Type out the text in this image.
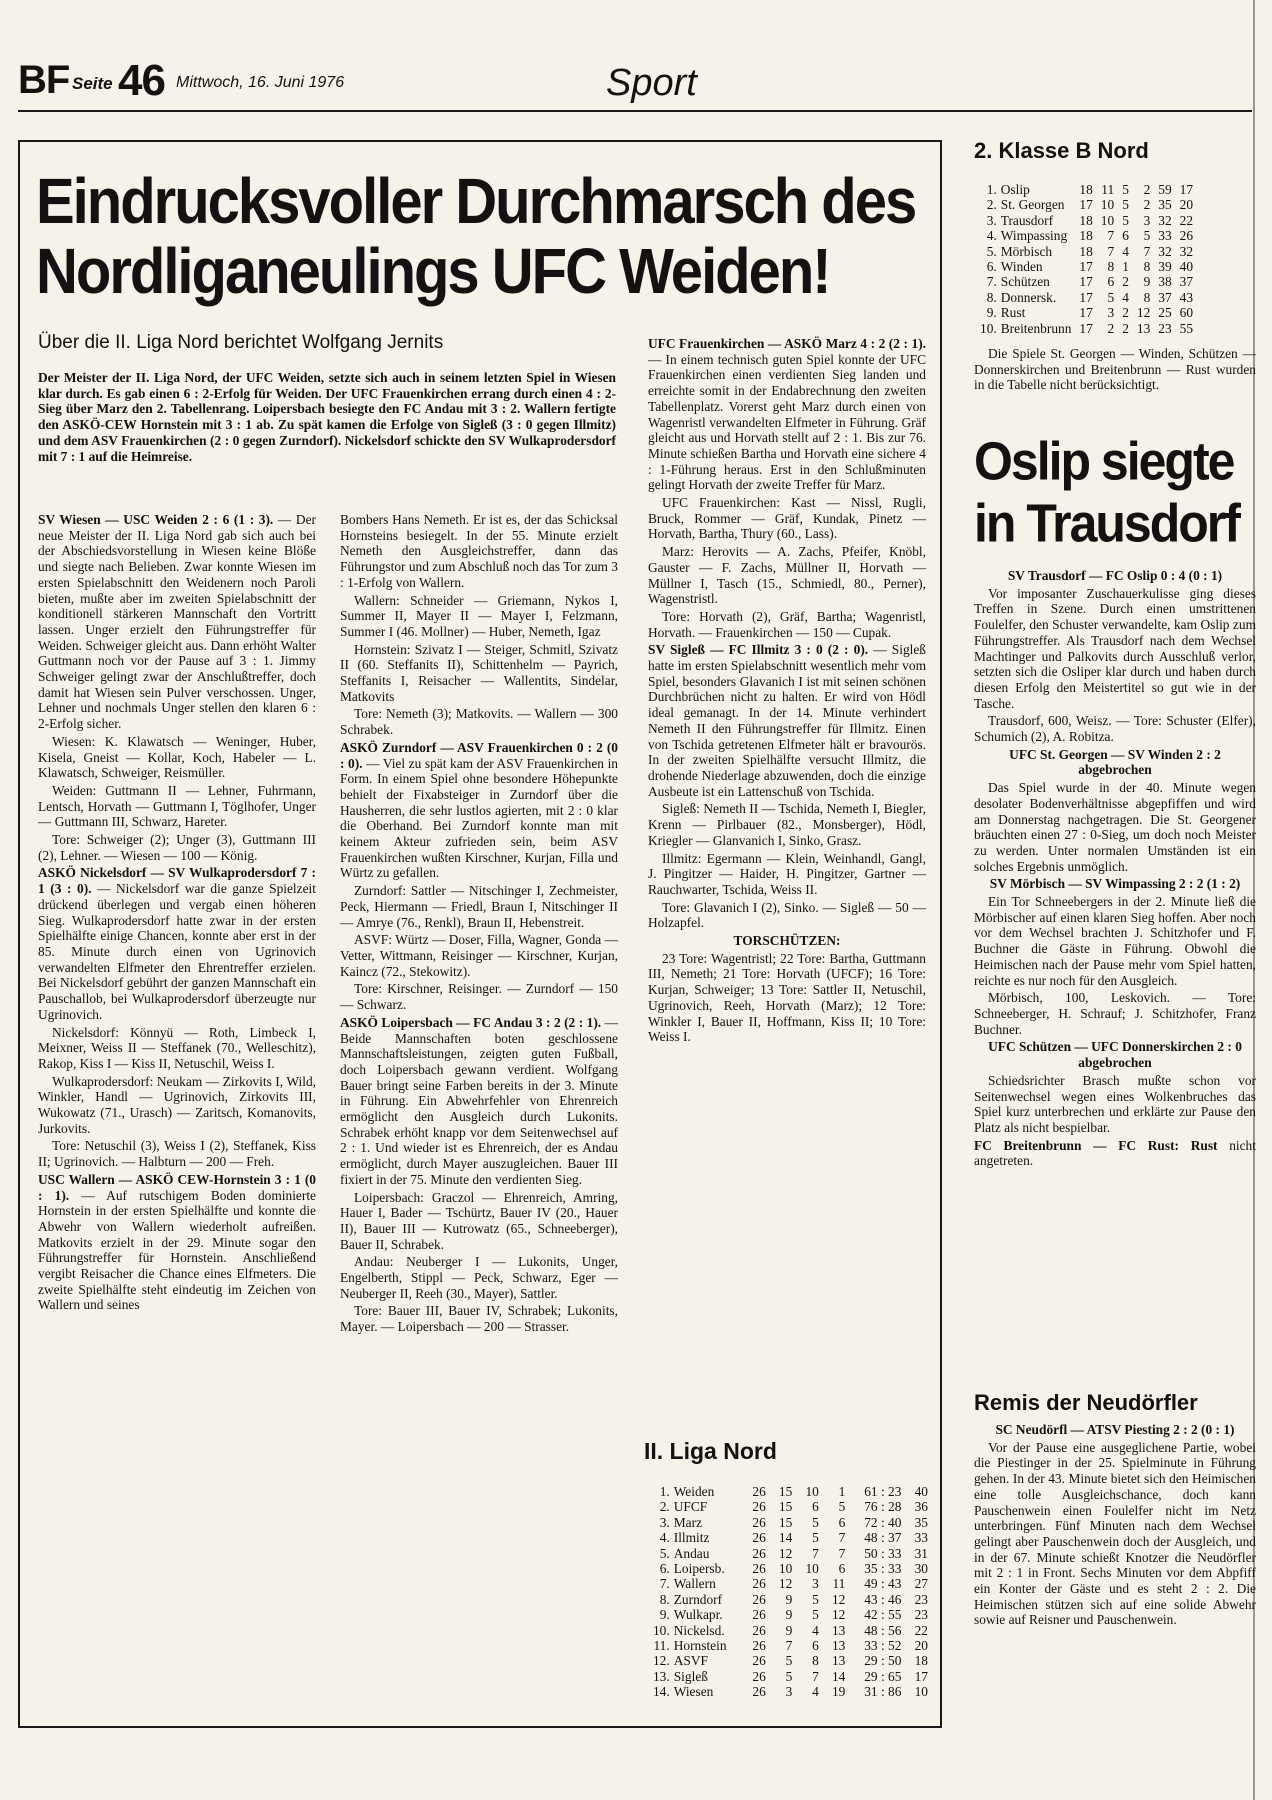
BF Seite 46 Mittwoch, 16. Juni 1976	Sport
Eindrucksvoller Durchmarsch des
Nordliganeulings UFC Weiden!
Über die II. Liga Nord berichtet Wolfgang Jernits
Der Meister der II. Liga Nord, der UFC Weiden, setzte sich auch in seinem letzten Spiel in Wiesen klar durch. Es gab einen 6 : 2-Erfolg für Weiden. Der UFC Frauenkirchen errang durch einen 4 : 2-Sieg über Marz den 2. Tabellenrang. Loipersbach besiegte den FC Andau mit 3 : 2. Wallern fertigte den ASKÖ-CEW Hornstein mit 3 : 1 ab. Zu spät kamen die Erfolge von Sigleß (3 : 0 gegen Illmitz) und dem ASV Frauenkirchen (2 : 0 gegen Zurndorf). Nickelsdorf schickte den SV Wulkaprodersdorf mit 7 : 1 auf die Heimreise.

SV Wiesen — USC Weiden 2 : 6 (1 : 3). — Der neue Meister der II. Liga Nord gab sich auch bei der Abschiedsvorstellung in Wiesen keine Blöße und siegte nach Belieben. Zwar konnte Wiesen im ersten Spielabschnitt den Weidenern noch Paroli bieten, mußte aber im zweiten Spielabschnitt der konditionell stärkeren Mannschaft den Vortritt lassen. Unger erzielt den Führungstreffer für Weiden. Schweiger gleicht aus. Dann erhöht Walter Guttmann noch vor der Pause auf 3 : 1. Jimmy Schweiger gelingt zwar der Anschlußtreffer, doch damit hat Wiesen sein Pulver verschossen. Unger, Lehner und nochmals Unger stellen den klaren 6 : 2-Erfolg sicher.

Wiesen: K. Klawatsch — Weninger, Huber, Kisela, Gneist — Kollar, Koch, Habeler — L. Klawatsch, Schweiger, Reismüller.

Weiden: Guttmann II — Lehner, Fuhrmann, Lentsch, Horvath — Guttmann I, Töglhofer, Unger — Guttmann III, Schwarz, Hareter.

Tore: Schweiger (2); Unger (3), Guttmann III (2), Lehner. — Wiesen — 100 — König.

ASKÖ Nickelsdorf — SV Wulkaprodersdorf 7 : 1 (3 : 0). — Nickelsdorf war die ganze Spielzeit drückend überlegen und vergab einen höheren Sieg. Wulkaprodersdorf hatte zwar in der ersten Spielhälfte einige Chancen, konnte aber erst in der 85. Minute durch einen von Ugrinovich verwandelten Elfmeter den Ehrentreffer erzielen. Bei Nickelsdorf gebührt der ganzen Mannschaft ein Pauschallob, bei Wulkaprodersdorf überzeugte nur Ugrinovich.

Nickelsdorf: Könnyü — Roth, Limbeck I, Meixner, Weiss II — Steffanek (70., Welleschitz), Rakop, Kiss I — Kiss II, Netuschil, Weiss I.

Wulkaprodersdorf: Neukam — Zirkovits I, Wild, Winkler, Handl — Ugrinovich, Zirkovits III, Wukowatz (71., Urasch) — Zaritsch, Komanovits, Jurkovits.

Tore: Netuschil (3), Weiss I (2), Steffanek, Kiss II; Ugrinovich. — Halbturn — 200 — Freh.

USC Wallern — ASKÖ CEW-Hornstein 3 : 1 (0 : 1). — Auf rutschigem Boden dominierte Hornstein in der ersten Spielhälfte und konnte die Abwehr von Wallern wiederholt aufreißen. Matkovits erzielt in der 29. Minute sogar den Führungstreffer für Hornstein. Anschließend vergibt Reisacher die Chance eines Elfmeters. Die zweite Spielhälfte steht eindeutig im Zeichen von Wallern und seines

Bombers Hans Nemeth. Er ist es, der das Schicksal Hornsteins besiegelt. In der 55. Minute erzielt Nemeth den Ausgleichstreffer, dann das Führungstor und zum Abschluß noch das Tor zum 3 : 1-Erfolg von Wallern.

Wallern: Schneider — Griemann, Nykos I, Summer II, Mayer II — Mayer I, Felzmann, Summer I (46. Mollner) — Huber, Nemeth, Igaz

Hornstein: Szivatz I — Steiger, Schmitl, Szivatz II (60. Steffanits II), Schittenhelm — Payrich, Steffanits I, Reisacher — Wallentits, Sindelar, Matkovits

Tore: Nemeth (3); Matkovits. — Wallern — 300 Schrabek.

ASKÖ Zurndorf — ASV Frauenkirchen 0 : 2 (0 : 0). — Viel zu spät kam der ASV Frauenkirchen in Form. In einem Spiel ohne besondere Höhepunkte behielt der Fixabsteiger in Zurndorf über die Hausherren, die sehr lustlos agierten, mit 2 : 0 klar die Oberhand. Bei Zurndorf konnte man mit keinem Akteur zufrieden sein, beim ASV Frauenkirchen wußten Kirschner, Kurjan, Filla und Würtz zu gefallen.

Zurndorf: Sattler — Nitschinger I, Zechmeister, Peck, Hiermann — Friedl, Braun I, Nitschinger II — Amrye (76., Renkl), Braun II, Hebenstreit.

ASVF: Würtz — Doser, Filla, Wagner, Gonda — Vetter, Wittmann, Reisinger — Kirschner, Kurjan, Kaincz (72., Stekowitz).

Tore: Kirschner, Reisinger. — Zurndorf — 150 — Schwarz.

ASKÖ Loipersbach — FC Andau 3 : 2 (2 : 1). — Beide Mannschaften boten geschlossene Mannschaftsleistungen, zeigten guten Fußball, doch Loipersbach gewann verdient. Wolfgang Bauer bringt seine Farben bereits in der 3. Minute in Führung. Ein Abwehrfehler von Ehrenreich ermöglicht den Ausgleich durch Lukonits. Schrabek erhöht knapp vor dem Seitenwechsel auf 2 : 1. Und wieder ist es Ehrenreich, der es Andau ermöglicht, durch Mayer auszugleichen. Bauer III fixiert in der 75. Minute den verdienten Sieg.

Loipersbach: Graczol — Ehrenreich, Amring, Hauer I, Bader — Tschürtz, Bauer IV (20., Hauer II), Bauer III — Kutrowatz (65., Schneeberger), Bauer II, Schrabek.

Andau: Neuberger I — Lukonits, Unger, Engelberth, Stippl — Peck, Schwarz, Eger — Neuberger II, Reeh (30., Mayer), Sattler.

Tore: Bauer III, Bauer IV, Schrabek; Lukonits, Mayer. — Loipersbach — 200 — Strasser.

UFC Frauenkirchen — ASKÖ Marz 4 : 2 (2 : 1). — In einem technisch guten Spiel konnte der UFC Frauenkirchen einen verdienten Sieg landen und erreichte somit in der Endabrechnung den zweiten Tabellenplatz. Vorerst geht Marz durch einen von Wagenristl verwandelten Elfmeter in Führung. Gräf gleicht aus und Horvath stellt auf 2 : 1. Bis zur 76. Minute schießen Bartha und Horvath eine sichere 4 : 1-Führung heraus. Erst in den Schlußminuten gelingt Horvath der zweite Treffer für Marz.

UFC Frauenkirchen: Kast — Nissl, Rugli, Bruck, Rommer — Gräf, Kundak, Pinetz — Horvath, Bartha, Thury (60., Lass).

Marz: Herovits — A. Zachs, Pfeifer, Knöbl, Gauster — F. Zachs, Müllner II, Horvath — Müllner I, Tasch (15., Schmiedl, 80., Perner), Wagenstristl.

Tore: Horvath (2), Gräf, Bartha; Wagenristl, Horvath. — Frauenkirchen — 150 — Cupak.

SV Sigleß — FC Illmitz 3 : 0 (2 : 0). — Sigleß hatte im ersten Spielabschnitt wesentlich mehr vom Spiel, besonders Glavanich I ist mit seinen schönen Durchbrüchen nicht zu halten. Er wird von Hödl ideal gemanagt. In der 14. Minute verhindert Nemeth II den Führungstreffer für Illmitz. Einen von Tschida getretenen Elfmeter hält er bravourös. In der zweiten Spielhälfte versucht Illmitz, die drohende Niederlage abzuwenden, doch die einzige Ausbeute ist ein Lattenschuß von Tschida.

Sigleß: Nemeth II — Tschida, Nemeth I, Biegler, Krenn — Pirlbauer (82., Monsberger), Hödl, Kriegler — Glanvanich I, Sinko, Grasz.

Illmitz: Egermann — Klein, Weinhandl, Gangl, J. Pingitzer — Haider, H. Pingitzer, Gartner — Rauchwarter, Tschida, Weiss II.

Tore: Glavanich I (2), Sinko. — Sigleß — 50 — Holzapfel.

TORSCHÜTZEN:

23 Tore: Wagentristl; 22 Tore: Bartha, Guttmann III, Nemeth; 21 Tore: Horvath (UFCF); 16 Tore: Kurjan, Schweiger; 13 Tore: Sattler II, Netuschil, Ugrinovich, Reeh, Horvath (Marz); 12 Tore: Winkler I, Bauer II, Hoffmann, Kiss II; 10 Tore: Weiss I.

II. Liga Nord
1.	Weiden	26	15	10	1	61 : 23	40
2.	UFCF	26	15	6	5	76 : 28	36
3.	Marz	26	15	5	6	72 : 40	35
4.	Illmitz	26	14	5	7	48 : 37	33
5.	Andau	26	12	7	7	50 : 33	31
6.	Loipersb.	26	10	10	6	35 : 33	30
7.	Wallern	26	12	3	11	49 : 43	27
8.	Zurndorf	26	9	5	12	43 : 46	23
9.	Wulkapr.	26	9	5	12	42 : 55	23
10.	Nickelsd.	26	9	4	13	48 : 56	22
11.	Hornstein	26	7	6	13	33 : 52	20
12.	ASVF	26	5	8	13	29 : 50	18
13.	Sigleß	26	5	7	14	29 : 65	17
14.	Wiesen	26	3	4	19	31 : 86	10
2. Klasse B Nord
1.	Oslip	18	11	5	2	59	17
2.	St. Georgen	17	10	5	2	35	20
3.	Trausdorf	18	10	5	3	32	22
4.	Wimpassing	18	7	6	5	33	26
5.	Mörbisch	18	7	4	7	32	32
6.	Winden	17	8	1	8	39	40
7.	Schützen	17	6	2	9	38	37
8.	Donnersk.	17	5	4	8	37	43
9.	Rust	17	3	2	12	25	60
10.	Breitenbrunn	17	2	2	13	23	55

Die Spiele St. Georgen — Winden, Schützen — Donnerskirchen und Breitenbrunn — Rust wurden in die Tabelle nicht berücksichtigt.

Oslip siegte
in Trausdorf

SV Trausdorf — FC Oslip 0 : 4 (0 : 1)

Vor imposanter Zuschauerkulisse ging dieses Treffen in Szene. Durch einen umstrittenen Foulelfer, den Schuster verwandelte, kam Oslip zum Führungstreffer. Als Trausdorf nach dem Wechsel Machtinger und Palkovits durch Ausschluß verlor, setzten sich die Osliper klar durch und haben durch diesen Erfolg den Meistertitel so gut wie in der Tasche.

Trausdorf, 600, Weisz. — Tore: Schuster (Elfer), Schumich (2), A. Robitza.

UFC St. Georgen — SV Winden 2 : 2 abgebrochen

Das Spiel wurde in der 40. Minute wegen desolater Bodenverhältnisse abgepfiffen und wird am Donnerstag nachgetragen. Die St. Georgener bräuchten einen 27 : 0-Sieg, um doch noch Meister zu werden. Unter normalen Umständen ist ein solches Ergebnis unmöglich.

SV Mörbisch — SV Wimpassing 2 : 2 (1 : 2)

Ein Tor Schneebergers in der 2. Minute ließ die Mörbischer auf einen klaren Sieg hoffen. Aber noch vor dem Wechsel brachten J. Schitzhofer und F. Buchner die Gäste in Führung. Obwohl die Heimischen nach der Pause mehr vom Spiel hatten, reichte es nur noch für den Ausgleich.

Mörbisch, 100, Leskovich. — Tore: Schneeberger, H. Schrauf; J. Schitzhofer, Franz Buchner.

UFC Schützen — UFC Donnerskirchen 2 : 0 abgebrochen

Schiedsrichter Brasch mußte schon vor Seitenwechsel wegen eines Wolkenbruches das Spiel kurz unterbrechen und erklärte zur Pause den Platz als nicht bespielbar.

FC Breitenbrunn — FC Rust: Rust nicht angetreten.

Remis der Neudörfler

SC Neudörfl — ATSV Piesting 2 : 2 (0 : 1)

Vor der Pause eine ausgeglichene Partie, wobei die Piestinger in der 25. Spielminute in Führung gehen. In der 43. Minute bietet sich den Heimischen eine tolle Ausgleichschance, doch kann Pauschenwein einen Foulelfer nicht im Netz unterbringen. Fünf Minuten nach dem Wechsel gelingt aber Pauschenwein doch der Ausgleich, und in der 67. Minute schießt Knotzer die Neudörfler mit 2 : 1 in Front. Sechs Minuten vor dem Abpfiff ein Konter der Gäste und es steht 2 : 2. Die Heimischen stützen sich auf eine solide Abwehr sowie auf Reisner und Pauschenwein.
